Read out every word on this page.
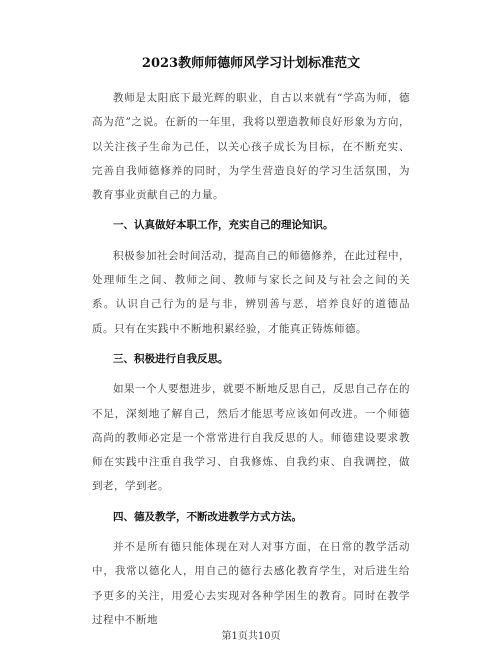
2023教师师德师风学习计划标准范文

教师是太阳底下最光辉的职业，自古以来就有“学高为师，德高为范”之说。在新的一年里，我将以塑造教师良好形象为方向，以关注孩子生命为己任，以关心孩子成长为目标，在不断充实、完善自我师德修养的同时，为学生营造良好的学习生活氛围，为教育事业贡献自己的力量。

一、认真做好本职工作，充实自己的理论知识。

积极参加社会时间活动，提高自己的师德修养，在此过程中，处理师生之间、教师之间、教师与家长之间及与社会之间的关系。认识自己行为的是与非，辨别善与恶，培养良好的道德品质。只有在实践中不断地积累经验，才能真正铸炼师德。

三、积极进行自我反思。

如果一个人要想进步，就要不断地反思自己，反思自己存在的不足，深刻地了解自己，然后才能思考应该如何改进。一个师德高尚的教师必定是一个常常进行自我反思的人。师德建设要求教师在实践中注重自我学习、自我修炼、自我约束、自我调控，做到老，学到老。

四、德及教学，不断改进教学方式方法。

并不是所有德只能体现在对人对事方面，在日常的教学活动中，我常以德化人，用自己的德行去感化教育学生，对后进生给予更多的关注，用爱心去实现对各种学困生的教育。同时在教学过程中不断地

第1页共10页
